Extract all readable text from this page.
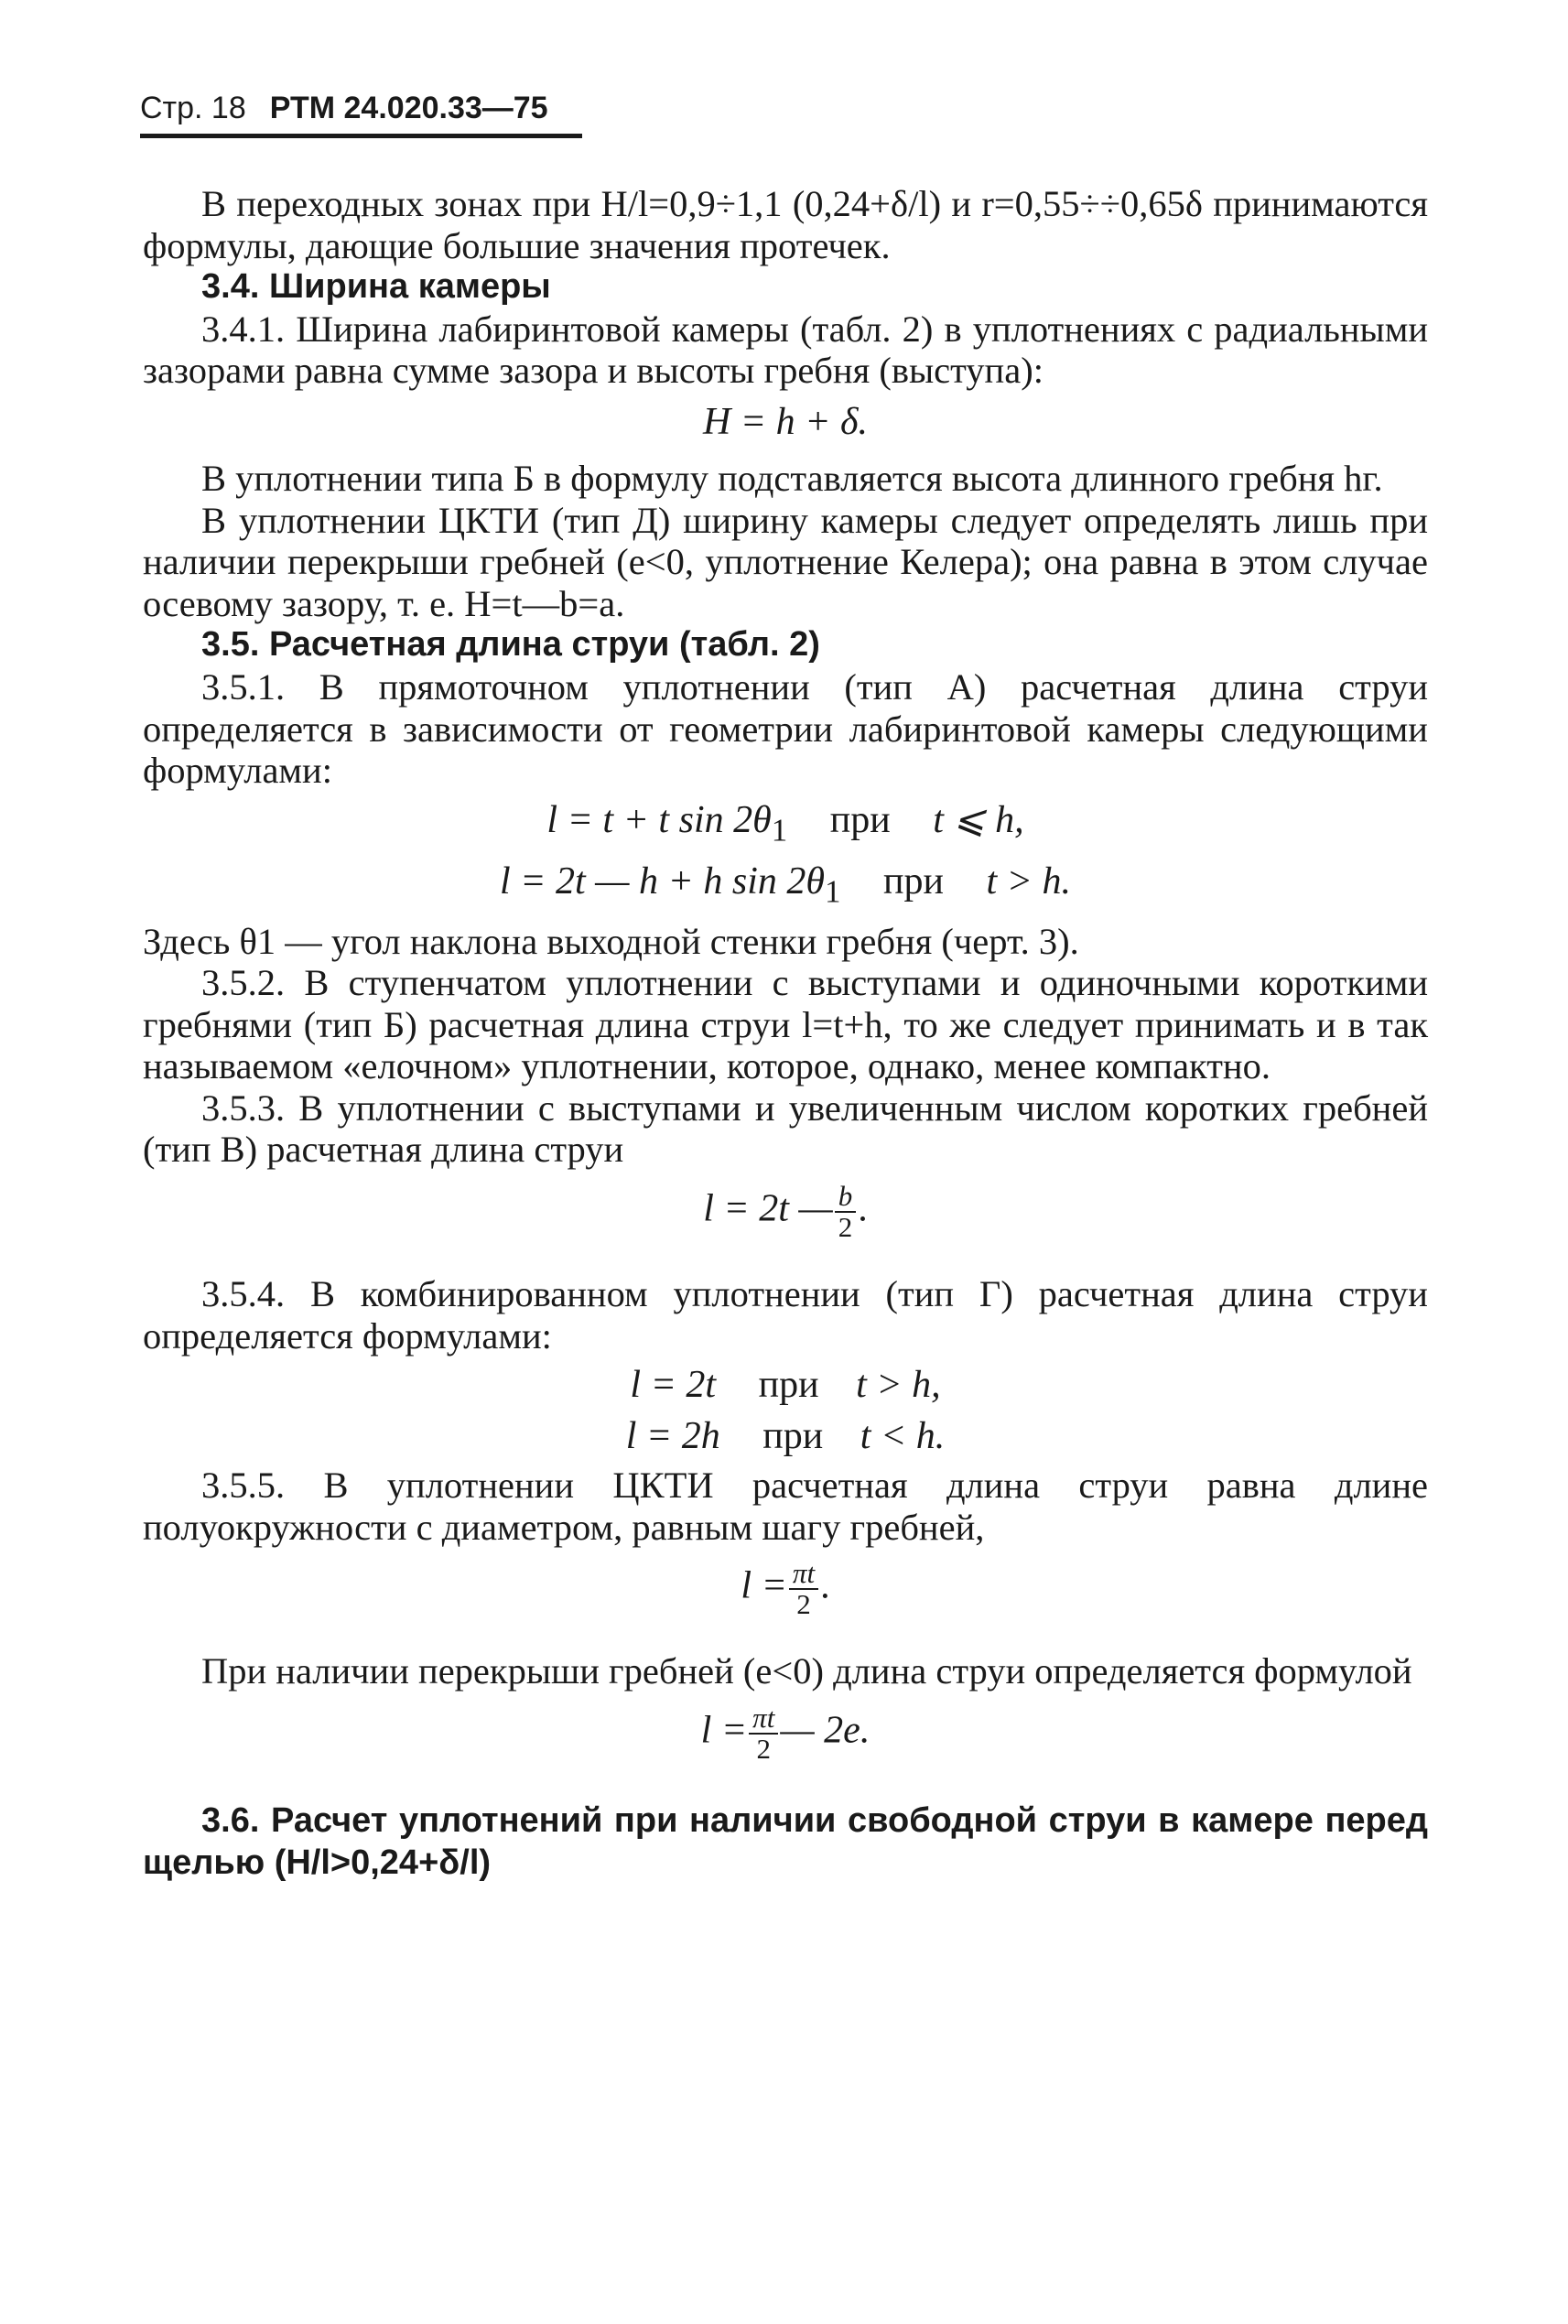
Стр. 18 РТМ 24.020.33—75

В переходных зонах при H/l=0,9÷1,1 (0,24+δ/l) и r=0,55÷÷0,65δ принимаются формулы, дающие большие значения протечек.

3.4. Ширина камеры

3.4.1. Ширина лабиринтовой камеры (табл. 2) в уплотнениях с радиальными зазорами равна сумме зазора и высоты гребня (выступа):

H = h + δ.

В уплотнении типа Б в формулу подставляется высота длинного гребня hг.

В уплотнении ЦКТИ (тип Д) ширину камеры следует определять лишь при наличии перекрыши гребней (e<0, уплотнение Келера); она равна в этом случае осевому зазору, т. е. H=t—b=a.

3.5. Расчетная длина струи (табл. 2)

3.5.1. В прямоточном уплотнении (тип А) расчетная длина струи определяется в зависимости от геометрии лабиринтовой камеры следующими формулами:

l = t + t $\sin 2\theta_1$ при t ⩽ h,
l = 2t — h + h $\sin 2\theta_1$ при t > h.

Здесь θ1 — угол наклона выходной стенки гребня (черт. 3).

3.5.2. В ступенчатом уплотнении с выступами и одиночными короткими гребнями (тип Б) расчетная длина струи l=t+h, то же следует принимать и в так называемом «елочном» уплотнении, которое, однако, менее компактно.

3.5.3. В уплотнении с выступами и увеличенным числом коротких гребней (тип В) расчетная длина струи

l = 2t — $\frac{b}{2}$ .

3.5.4. В комбинированном уплотнении (тип Г) расчетная длина струи определяется формулами:

l = 2t при t > h,
l = 2h при t < h.

3.5.5. В уплотнении ЦКТИ расчетная длина струи равна длине полуокружности с диаметром, равным шагу гребней,

$l = \frac{\pi t}{2}$ .

При наличии перекрыши гребней (e<0) длина струи определяется формулой

$l = \frac{\pi t}{2}$ — 2e.
3.6. Расчет уплотнений при наличии свободной струи в камере перед щелью (H/l>0,24+δ/l)
